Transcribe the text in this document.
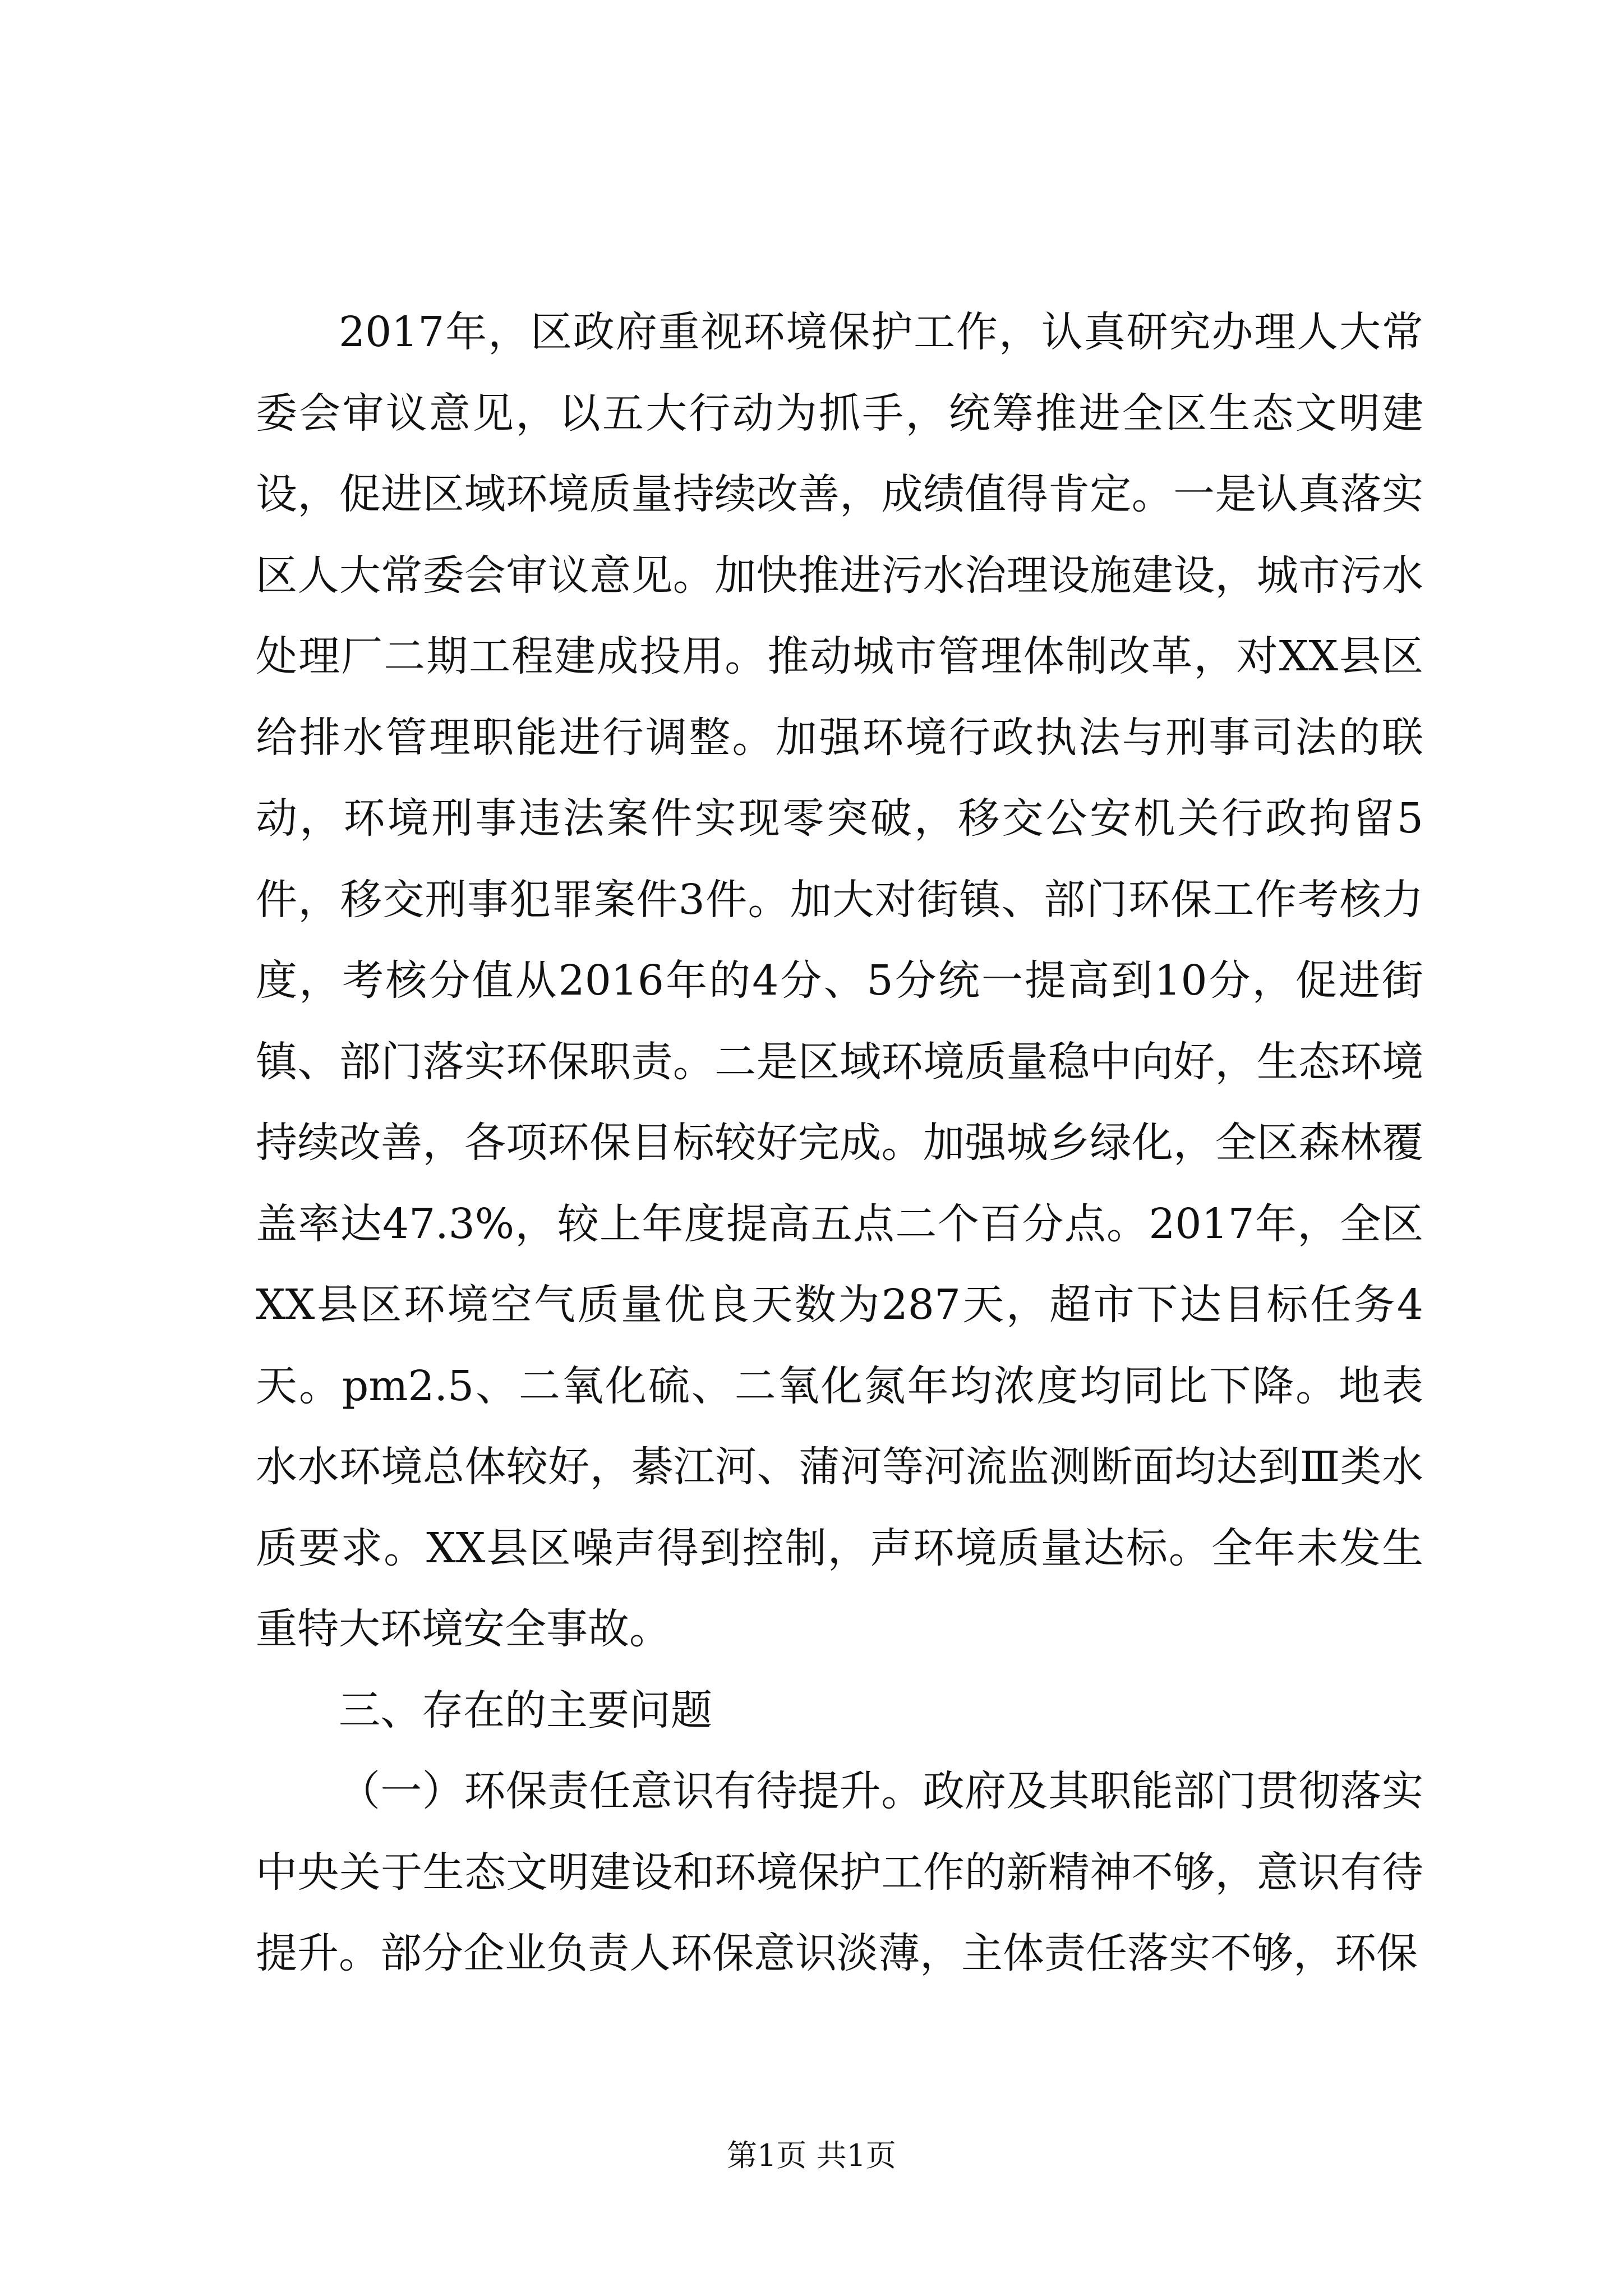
2017年，区政府重视环境保护工作，认真研究办理人大常委会审议意见，以五大行动为抓手，统筹推进全区生态文明建设，促进区域环境质量持续改善，成绩值得肯定。一是认真落实区人大常委会审议意见。加快推进污水治理设施建设，城市污水处理厂二期工程建成投用。推动城市管理体制改革，对XX县区给排水管理职能进行调整。加强环境行政执法与刑事司法的联动，环境刑事违法案件实现零突破，移交公安机关行政拘留5件，移交刑事犯罪案件3件。加大对街镇、部门环保工作考核力度，考核分值从2016年的4分、5分统一提高到10分，促进街镇、部门落实环保职责。二是区域环境质量稳中向好，生态环境持续改善，各项环保目标较好完成。加强城乡绿化，全区森林覆盖率达47.3%，较上年度提高五点二个百分点。2017年，全区XX县区环境空气质量优良天数为287天，超市下达目标任务4天。pm2.5、二氧化硫、二氧化氮年均浓度均同比下降。地表水水环境总体较好，綦江河、蒲河等河流监测断面均达到Ⅲ类水质要求。XX县区噪声得到控制，声环境质量达标。全年未发生重特大环境安全事故。

三、存在的主要问题

（一）环保责任意识有待提升。政府及其职能部门贯彻落实中央关于生态文明建设和环境保护工作的新精神不够，意识有待提升。部分企业负责人环保意识淡薄，主体责任落实不够，环保

第1页 共1页
